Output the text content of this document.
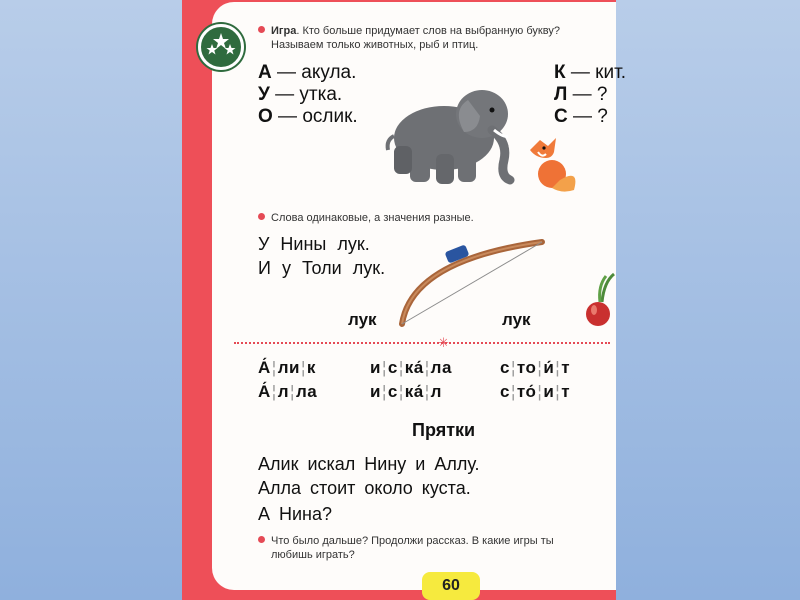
Игра. Кто больше придумает слов на выбранную букву?
Называем только животных, рыб и птиц.
А — акула.
У — утка.
О — ослик.
К — кит.
Л — ?
С — ?
Слова одинаковые, а значения разные.
У Нины лук.
И у Толи лук.
лук	лук
✳
А́¦ли¦к
А́¦л¦ла
и¦с¦ка́¦ла
и¦с¦ка́¦л
с¦то¦и́¦т
с¦то́¦и¦т
Прятки
Алик искал Нину и Аллу.
Алла стоит около куста.
А Нина?
Что было дальше? Продолжи рассказ. В какие игры ты
любишь играть?
60
